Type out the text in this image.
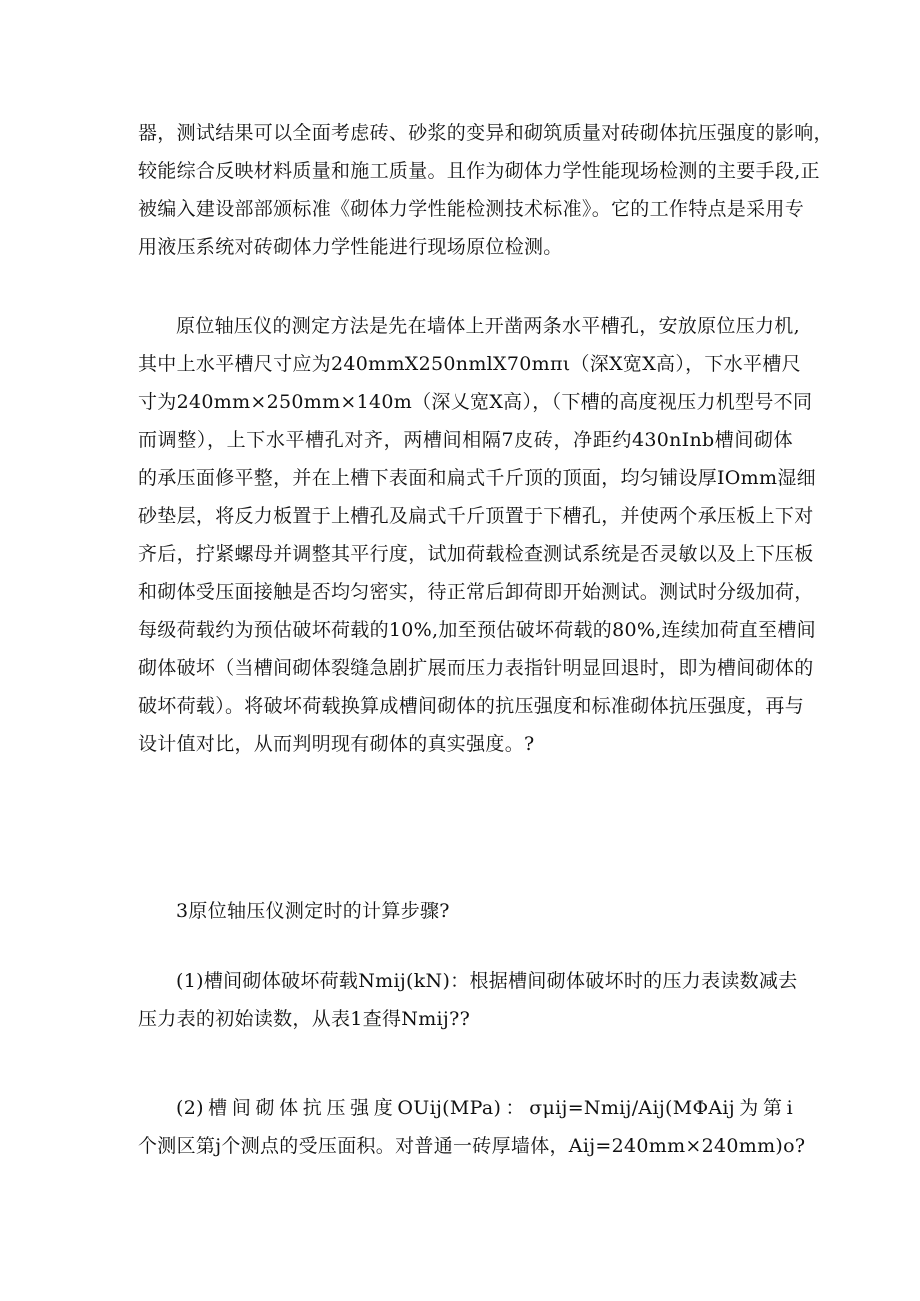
器，测试结果可以全面考虑砖、砂浆的变异和砌筑质量对砖砌体抗压强度的影响，
较能综合反映材料质量和施工质量。且作为砌体力学性能现场检测的主要手段,正
被编入建设部部颁标准《砌体力学性能检测技术标准》。它的工作特点是采用专
用液压系统对砖砌体力学性能进行现场原位检测。
原位轴压仪的测定方法是先在墙体上开凿两条水平槽孔，安放原位压力机,
其中上水平槽尺寸应为240mmX250nmlX70mπι（深X宽X高），下水平槽尺
寸为240mm×250mm×140m（深乂宽X高），（下槽的高度视压力机型号不同
而调整），上下水平槽孔对齐，两槽间相隔7皮砖，净距约430nInb槽间砌体
的承压面修平整，并在上槽下表面和扁式千斤顶的顶面，均匀铺设厚IOmm湿细
砂垫层，将反力板置于上槽孔及扁式千斤顶置于下槽孔，并使两个承压板上下对
齐后，拧紧螺母并调整其平行度，试加荷载检查测试系统是否灵敏以及上下压板
和砌体受压面接触是否均匀密实，待正常后卸荷即开始测试。测试时分级加荷，
每级荷载约为预估破坏荷载的10%,加至预估破坏荷载的80%,连续加荷直至槽间
砌体破坏（当槽间砌体裂缝急剧扩展而压力表指针明显回退时，即为槽间砌体的
破坏荷载）。将破坏荷载换算成槽间砌体的抗压强度和标准砌体抗压强度，再与
设计值对比，从而判明现有砌体的真实强度。?
3原位轴压仪测定时的计算步骤?
(1)槽间砌体破坏荷载Nmij(kN)：根据槽间砌体破坏时的压力表读数减去
压力表的初始读数，从表1查得Nmij??
(2)槽间砌体抗压强度OUij(MPa)：σμij=Nmij/Aij(MΦAij为第i
个测区第j个测点的受压面积。对普通一砖厚墙体，Aij=240mm×240mm)o?
